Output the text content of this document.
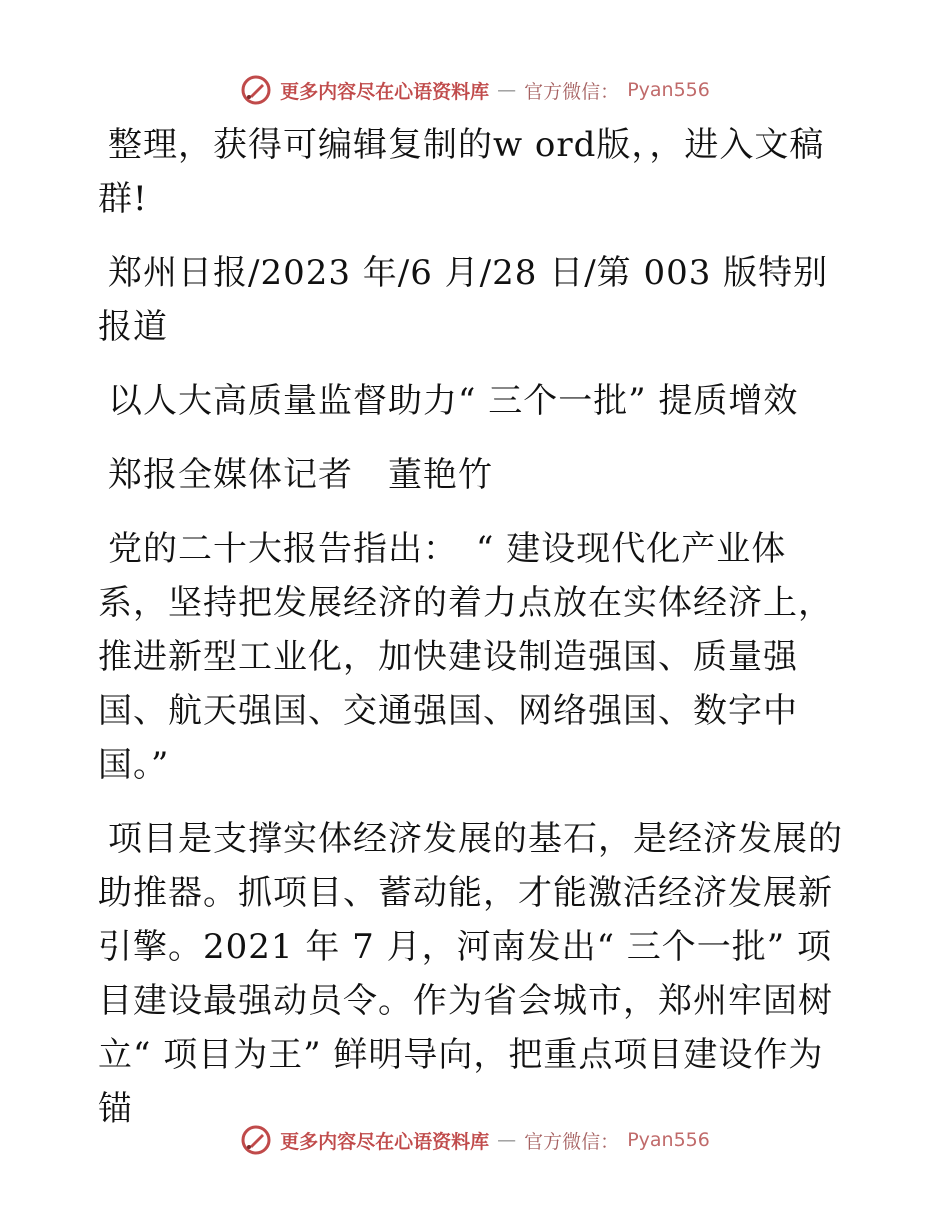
更多内容尽在心语资料库 — 官方微信： Pyan556

整理，获得可编辑复制的w ord版，，进入文稿群!

郑州日报/2023 年/6 月/28 日/第 003 版特别报道

以人大高质量监督助力“ 三个一批” 提质增效

郑报全媒体记者　董艳竹

党的二十大报告指出：　“ 建设现代化产业体系，坚持把发展经济的着力点放在实体经济上，推进新型工业化，加快建设制造强国、质量强国、航天强国、交通强国、网络强国、数字中国。”

项目是支撑实体经济发展的基石，是经济发展的助推器。抓项目、蓄动能，才能激活经济发展新引擎。2021 年 7 月，河南发出“ 三个一批” 项目建设最强动员令。作为省会城市，郑州牢固树立“ 项目为王” 鲜明导向，把重点项目建设作为锚

更多内容尽在心语资料库 — 官方微信： Pyan556
